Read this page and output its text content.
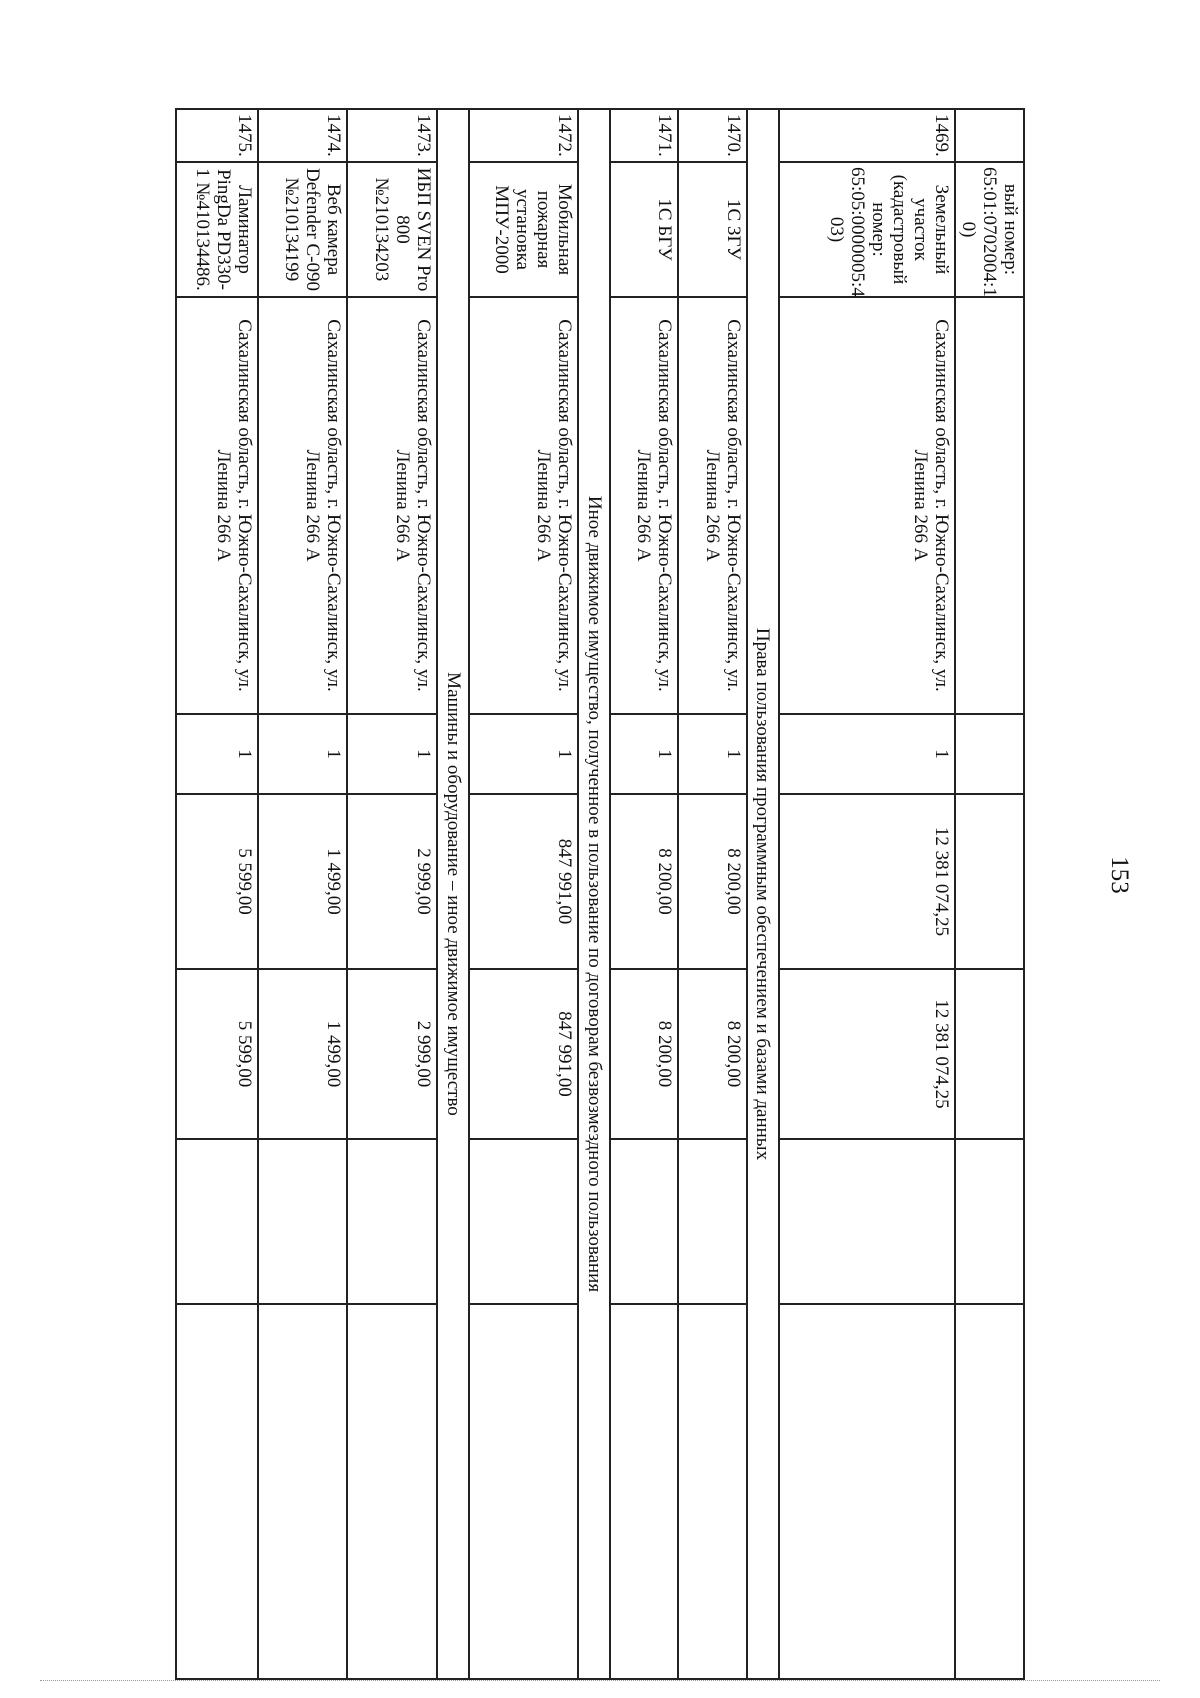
153
	вый номер: 65:01:0702004:1 0)						
1469.	Земельный участок (кадастровый номер: 65:05:0000005:4 03)	Сахалинская область, г. Южно-Сахалинск, ул. Ленина 266 А	1	12 381 074,25	12 381 074,25		
Права пользования программным обеспечением и базами данных							
1470.	1С ЗГУ	Сахалинская область, г. Южно-Сахалинск, ул. Ленина 266 А	1	8 200,00	8 200,00		
1471.	1С БГУ	Сахалинская область, г. Южно-Сахалинск, ул. Ленина 266 А	1	8 200,00	8 200,00		
Иное движимое имущество, полученное в пользование по договорам безвозмездного пользования							
1472.	Мобильная пожарная установка МПУ-2000	Сахалинская область, г. Южно-Сахалинск, ул. Ленина 266 А	1	847 991,00	847 991,00		
Машины и оборудование – иное движимое имущество							
1473.	ИБП SVEN Pro 800 №210134203	Сахалинская область, г. Южно-Сахалинск, ул. Ленина 266 А	1	2 999,00	2 999,00		
1474.	Веб камера Defender C-090 №210134199	Сахалинская область, г. Южно-Сахалинск, ул. Ленина 266 А	1	1 499,00	1 499,00		
1475.	Ламинатор PingDa PD330-1 №410134486.	Сахалинская область, г. Южно-Сахалинск, ул. Ленина 266 А	1	5 599,00	5 599,00		
